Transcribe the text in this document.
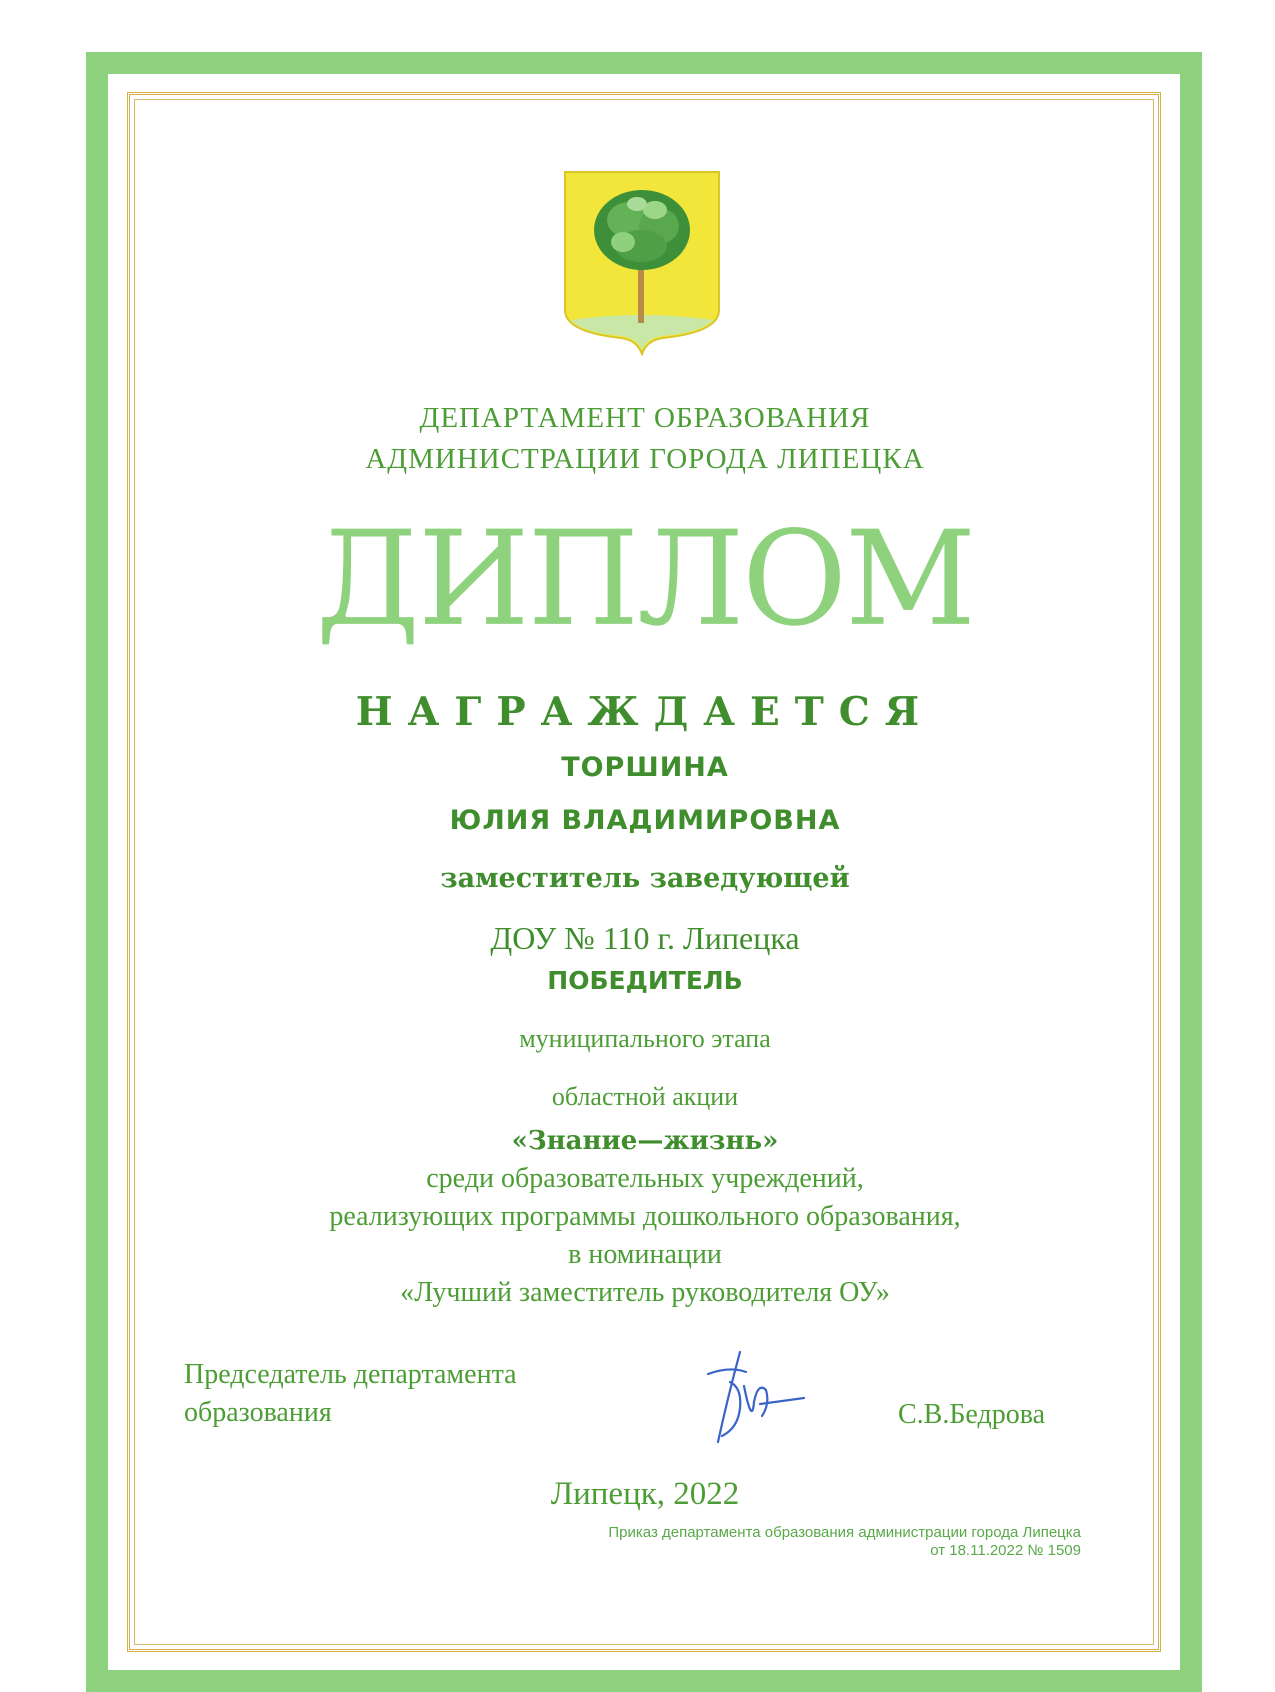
ДЕПАРТАМЕНТ ОБРАЗОВАНИЯ
АДМИНИСТРАЦИИ ГОРОДА ЛИПЕЦКА
ДИПЛОМ
НАГРАЖДАЕТСЯ
ТОРШИНА
ЮЛИЯ ВЛАДИМИРОВНА
заместитель заведующей
ДОУ № 110 г. Липецка
ПОБЕДИТЕЛЬ
муниципального этапа
областной акции
«Знание—жизнь»
среди образовательных учреждений,
реализующих программы дошкольного образования,
в номинации
«Лучший заместитель руководителя ОУ»
Председатель департамента
образования	С.В.Бедрова
Липецк, 2022
Приказ департамента образования администрации города Липецка
от 18.11.2022 № 1509
